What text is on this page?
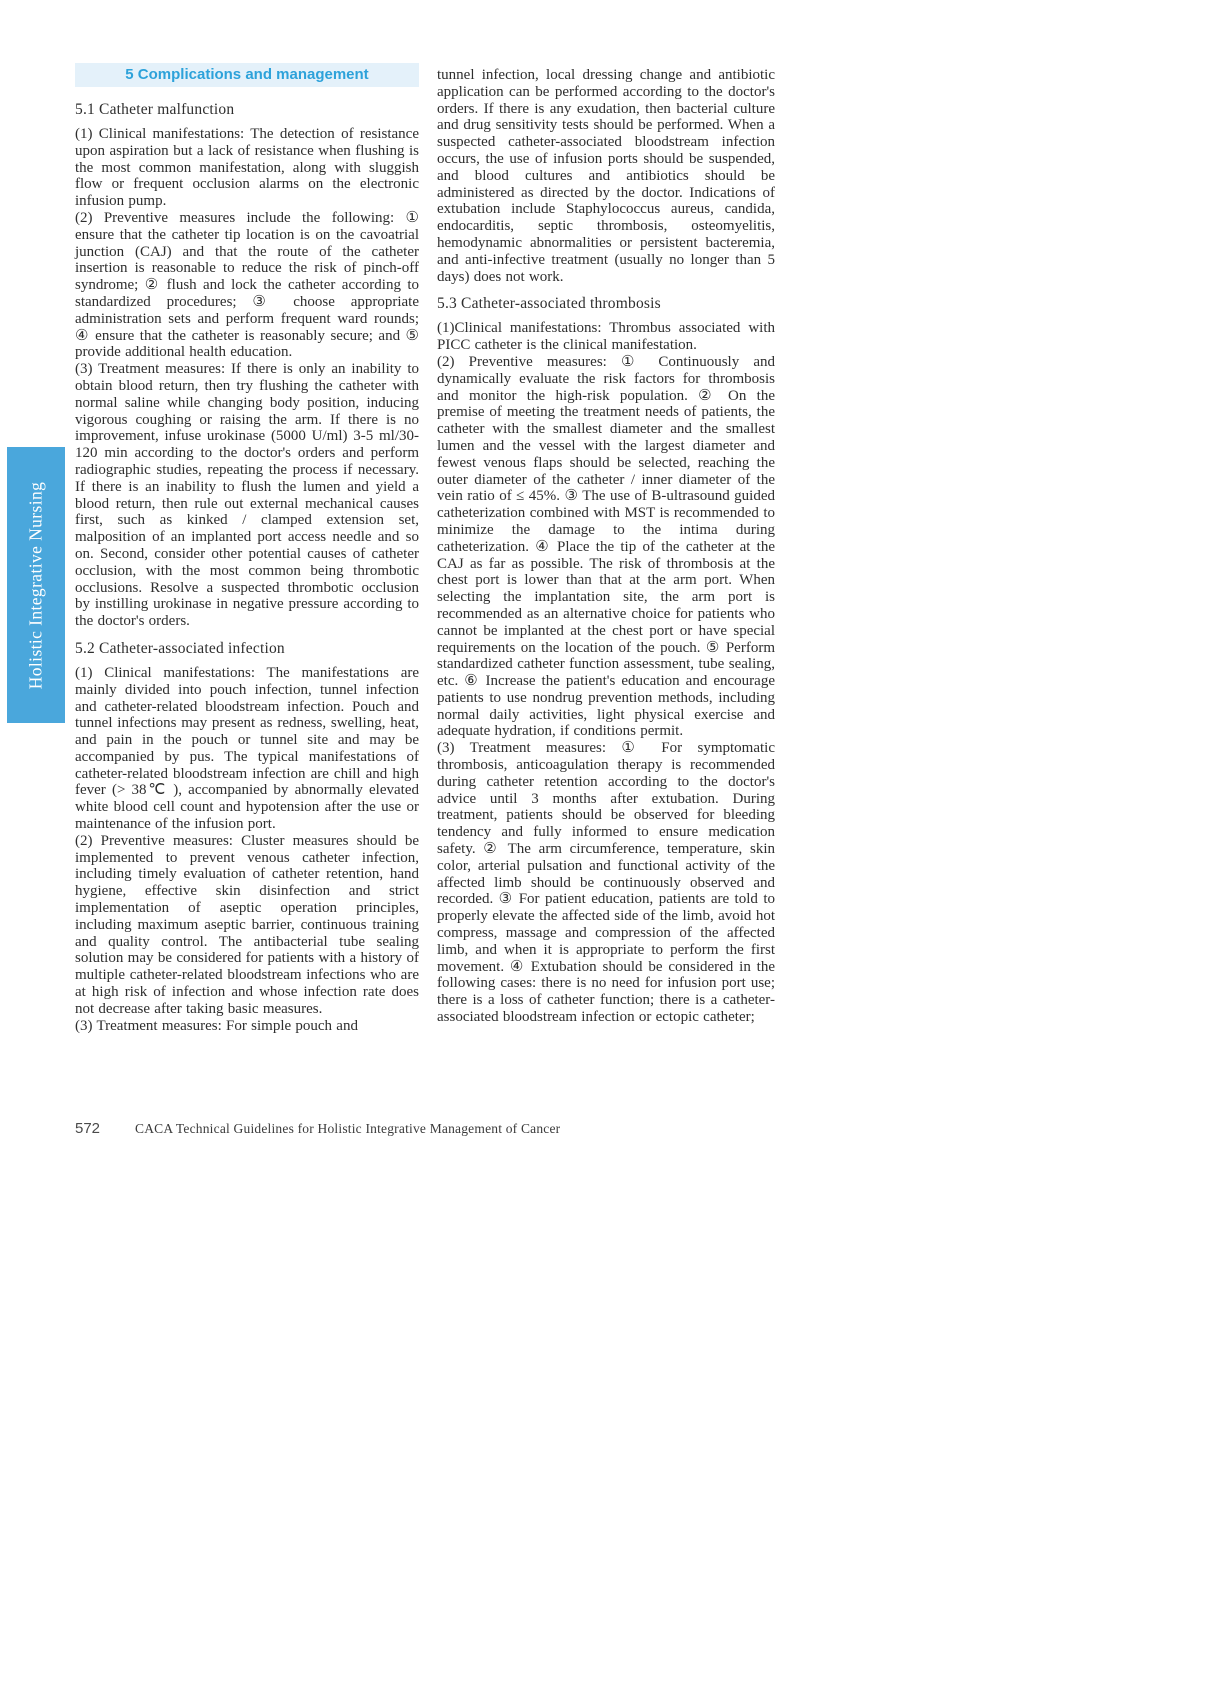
Holistic Integrative Nursing
5 Complications and management
5.1 Catheter malfunction

(1) Clinical manifestations: The detection of resistance upon aspiration but a lack of resistance when flushing is the most common manifestation, along with sluggish flow or frequent occlusion alarms on the electronic infusion pump.

(2) Preventive measures include the following: ① ensure that the catheter tip location is on the cavoatrial junction (CAJ) and that the route of the catheter insertion is reasonable to reduce the risk of pinch-off syndrome; ② flush and lock the catheter according to standardized procedures; ③ choose appropriate administration sets and perform frequent ward rounds; ④ ensure that the catheter is reasonably secure; and ⑤ provide additional health education.

(3) Treatment measures: If there is only an inability to obtain blood return, then try flushing the catheter with normal saline while changing body position, inducing vigorous coughing or raising the arm. If there is no improvement, infuse urokinase (5000 U/ml) 3-5 ml/30-120 min according to the doctor's orders and perform radiographic studies, repeating the process if necessary. If there is an inability to flush the lumen and yield a blood return, then rule out external mechanical causes first, such as kinked / clamped extension set, malposition of an implanted port access needle and so on. Second, consider other potential causes of catheter occlusion, with the most common being thrombotic occlusions. Resolve a suspected thrombotic occlusion by instilling urokinase in negative pressure according to the doctor's orders.

5.2 Catheter-associated infection

(1) Clinical manifestations: The manifestations are mainly divided into pouch infection, tunnel infection and catheter-related bloodstream infection. Pouch and tunnel infections may present as redness, swelling, heat, and pain in the pouch or tunnel site and may be accompanied by pus. The typical manifestations of catheter-related bloodstream infection are chill and high fever (> 38℃ ), accompanied by abnormally elevated white blood cell count and hypotension after the use or maintenance of the infusion port.

(2) Preventive measures: Cluster measures should be implemented to prevent venous catheter infection, including timely evaluation of catheter retention, hand hygiene, effective skin disinfection and strict implementation of aseptic operation principles, including maximum aseptic barrier, continuous training and quality control. The antibacterial tube sealing solution may be considered for patients with a history of multiple catheter-related bloodstream infections who are at high risk of infection and whose infection rate does not decrease after taking basic measures.

(3) Treatment measures: For simple pouch and

tunnel infection, local dressing change and antibiotic application can be performed according to the doctor's orders. If there is any exudation, then bacterial culture and drug sensitivity tests should be performed. When a suspected catheter-associated bloodstream infection occurs, the use of infusion ports should be suspended, and blood cultures and antibiotics should be administered as directed by the doctor. Indications of extubation include Staphylococcus aureus, candida, endocarditis, septic thrombosis, osteomyelitis, hemodynamic abnormalities or persistent bacteremia, and anti-infective treatment (usually no longer than 5 days) does not work.

5.3 Catheter-associated thrombosis

(1)Clinical manifestations: Thrombus associated with PICC catheter is the clinical manifestation.

(2) Preventive measures: ① Continuously and dynamically evaluate the risk factors for thrombosis and monitor the high-risk population. ② On the premise of meeting the treatment needs of patients, the catheter with the smallest diameter and the smallest lumen and the vessel with the largest diameter and fewest venous flaps should be selected, reaching the outer diameter of the catheter / inner diameter of the vein ratio of ≤ 45%. ③ The use of B-ultrasound guided catheterization combined with MST is recommended to minimize the damage to the intima during catheterization. ④ Place the tip of the catheter at the CAJ as far as possible. The risk of thrombosis at the chest port is lower than that at the arm port. When selecting the implantation site, the arm port is recommended as an alternative choice for patients who cannot be implanted at the chest port or have special requirements on the location of the pouch. ⑤ Perform standardized catheter function assessment, tube sealing, etc. ⑥ Increase the patient's education and encourage patients to use nondrug prevention methods, including normal daily activities, light physical exercise and adequate hydration, if conditions permit.

(3) Treatment measures: ① For symptomatic thrombosis, anticoagulation therapy is recommended during catheter retention according to the doctor's advice until 3 months after extubation. During treatment, patients should be observed for bleeding tendency and fully informed to ensure medication safety. ② The arm circumference, temperature, skin color, arterial pulsation and functional activity of the affected limb should be continuously observed and recorded. ③ For patient education, patients are told to properly elevate the affected side of the limb, avoid hot compress, massage and compression of the affected limb, and when it is appropriate to perform the first movement. ④ Extubation should be considered in the following cases: there is no need for infusion port use; there is a loss of catheter function; there is a catheter-associated bloodstream infection or ectopic catheter;

572	CACA Technical Guidelines for Holistic Integrative Management of Cancer
